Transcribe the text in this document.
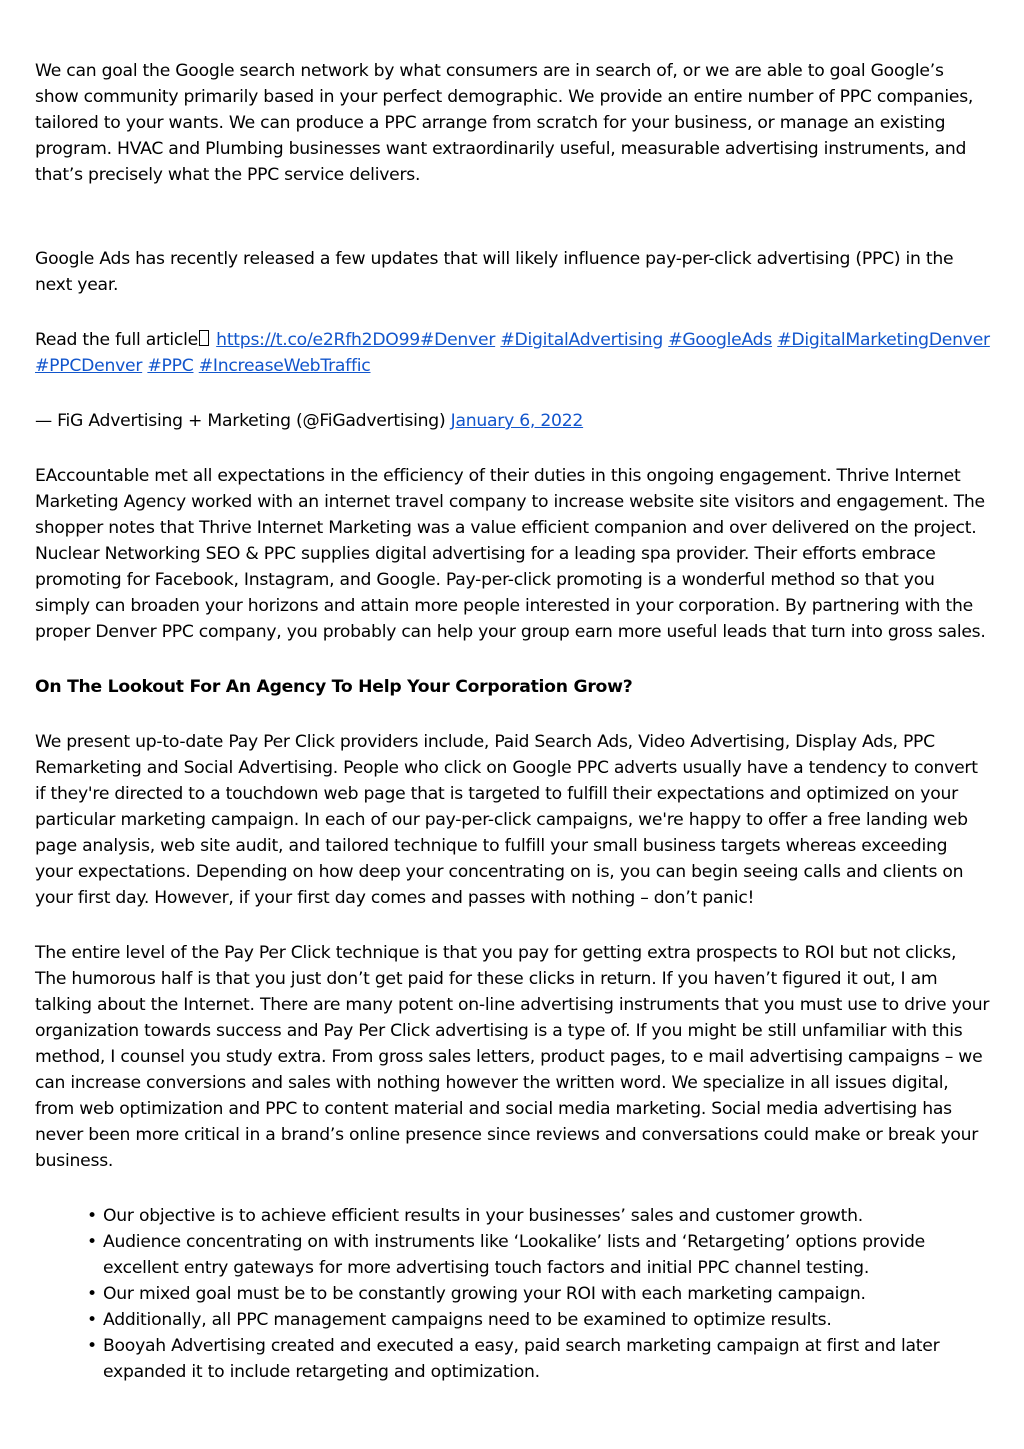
We can goal the Google search network by what consumers are in search of, or we are able to goal Google’s show community primarily based in your perfect demographic. We provide an entire number of PPC companies, tailored to your wants. We can produce a PPC arrange from scratch for your business, or manage an existing program. HVAC and Plumbing businesses want extraordinarily useful, measurable advertising instruments, and that’s precisely what the PPC service delivers.

Google Ads has recently released a few updates that will likely influence pay-per-click advertising (PPC) in the next year.

Read the full article https://t.co/e2Rfh2DO99#Denver #DigitalAdvertising #GoogleAds #DigitalMarketingDenver #PPCDenver #PPC #IncreaseWebTraffic

— FiG Advertising + Marketing (@FiGadvertising) January 6, 2022

EAccountable met all expectations in the efficiency of their duties in this ongoing engagement. Thrive Internet Marketing Agency worked with an internet travel company to increase website site visitors and engagement. The shopper notes that Thrive Internet Marketing was a value efficient companion and over delivered on the project. Nuclear Networking SEO & PPC supplies digital advertising for a leading spa provider. Their efforts embrace promoting for Facebook, Instagram, and Google. Pay-per-click promoting is a wonderful method so that you simply can broaden your horizons and attain more people interested in your corporation. By partnering with the proper Denver PPC company, you probably can help your group earn more useful leads that turn into gross sales.

On The Lookout For An Agency To Help Your Corporation Grow?

We present up-to-date Pay Per Click providers include, Paid Search Ads, Video Advertising, Display Ads, PPC Remarketing and Social Advertising. People who click on Google PPC adverts usually have a tendency to convert if they're directed to a touchdown web page that is targeted to fulfill their expectations and optimized on your particular marketing campaign. In each of our pay-per-click campaigns, we're happy to offer a free landing web page analysis, web site audit, and tailored technique to fulfill your small business targets whereas exceeding your expectations. Depending on how deep your concentrating on is, you can begin seeing calls and clients on your first day. However, if your first day comes and passes with nothing – don’t panic!

The entire level of the Pay Per Click technique is that you pay for getting extra prospects to ROI but not clicks, The humorous half is that you just don’t get paid for these clicks in return. If you haven’t figured it out, I am talking about the Internet. There are many potent on-line advertising instruments that you must use to drive your organization towards success and Pay Per Click advertising is a type of. If you might be still unfamiliar with this method, I counsel you study extra. From gross sales letters, product pages, to e mail advertising campaigns – we can increase conversions and sales with nothing however the written word. We specialize in all issues digital, from web optimization and PPC to content material and social media marketing. Social media advertising has never been more critical in a brand’s online presence since reviews and conversations could make or break your business.

• Our objective is to achieve efficient results in your businesses’ sales and customer growth.
• Audience concentrating on with instruments like ‘Lookalike’ lists and ‘Retargeting’ options provide excellent entry gateways for more advertising touch factors and initial PPC channel testing.
• Our mixed goal must be to be constantly growing your ROI with each marketing campaign.
• Additionally, all PPC management campaigns need to be examined to optimize results.
• Booyah Advertising created and executed a easy, paid search marketing campaign at first and later expanded it to include retargeting and optimization.
